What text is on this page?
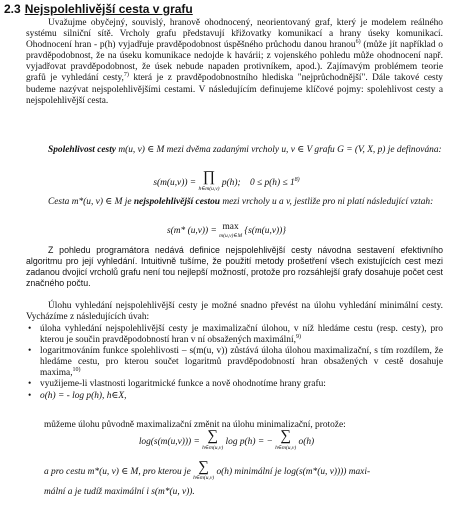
2.3 Nejspolehlivější cesta v grafu

Uvažujme obyčejný, souvislý, hranově ohodnocený, neorientovaný graf, který je modelem reálného systému silniční sítě. Vrcholy grafu představují křižovatky komunikací a hrany úseky komunikací. Ohodnocení hran - p(h) vyjadřuje pravděpodobnost úspěšného průchodu danou hranou$^{6)}$ (může jít například o pravděpodobnost, že na úseku komunikace nedojde k havárii; z vojenského pohledu může ohodnocení např. vyjadřovat pravděpodobnost, že úsek nebude napaden protivníkem, apod.). Zajímavým problémem teorie grafů je vyhledání cesty,$^{7)}$ která je z pravděpodobnostního hlediska "nejprůchodnější". Dále takové cesty budeme nazývat nejspolehlivějšími cestami. V následujícím definujeme klíčové pojmy: spolehlivost cesty a nejspolehlivější cesta.

Spolehlivost cesty m(u, v) ∈ M mezi dvěma zadanými vrcholy u, v ∈ V grafu G = (V, X, p) je definována:

s(m(u,v)) = ∏
h∈m(u,v) p(h); $0 \le p(h) \le 1^{8)}$

Cesta m*(u, v) ∈ M je nejspolehlivější cestou mezi vrcholy u a v, jestliže pro ni platí následující vztah:

s(m* (u,v)) = max
m(u,v)∈M {s(m(u,v))}

Z pohledu programátora nedává definice nejspolehlivější cesty návodna sestavení efektivního algoritmu pro její vyhledání. Intuitivně tušíme, že použití metody prošetření všech existujících cest mezi zadanou dvojicí vrcholů grafu není tou nejlepší možností, protože pro rozsáhlejší grafy dosahuje počet cest značného počtu.

Úlohu vyhledání nejspolehlivější cesty je možné snadno převést na úlohu vyhledání minimální cesty. Vycházíme z následujících úvah:

• úloha vyhledání nejspolehlivější cesty je maximalizační úlohou, v níž hledáme cestu (resp. cesty), pro kterou je součin pravděpodobností hran v ní obsažených maximální,$^{9)}$

• logaritmováním funkce spolehlivosti – s(m(u, v)) zůstává úloha úlohou maximalizační, s tím rozdílem, že hledáme cestu, pro kterou součet logaritmů pravděpodobností hran obsažených v cestě dosahuje maxima,$^{10)}$

• využijeme-li vlastnosti logaritmické funkce a nově ohodnotíme hrany grafu:

• o(h) = - log p(h), h∈X,

můžeme úlohu původně maximalizační změnit na úlohu minimalizační, protože:

log(s(m(u,v))) = ∑
h∈m(u,v) log p(h) = − ∑
h∈m(u,v) o(h)

a pro cestu m*(u, v) ∈ M, pro kterou je ∑
h∈m(u,v) o(h) minimální je log(s(m*(u, v)))) maxi-

mální a je tudíž maximální i s(m*(u, v)).
